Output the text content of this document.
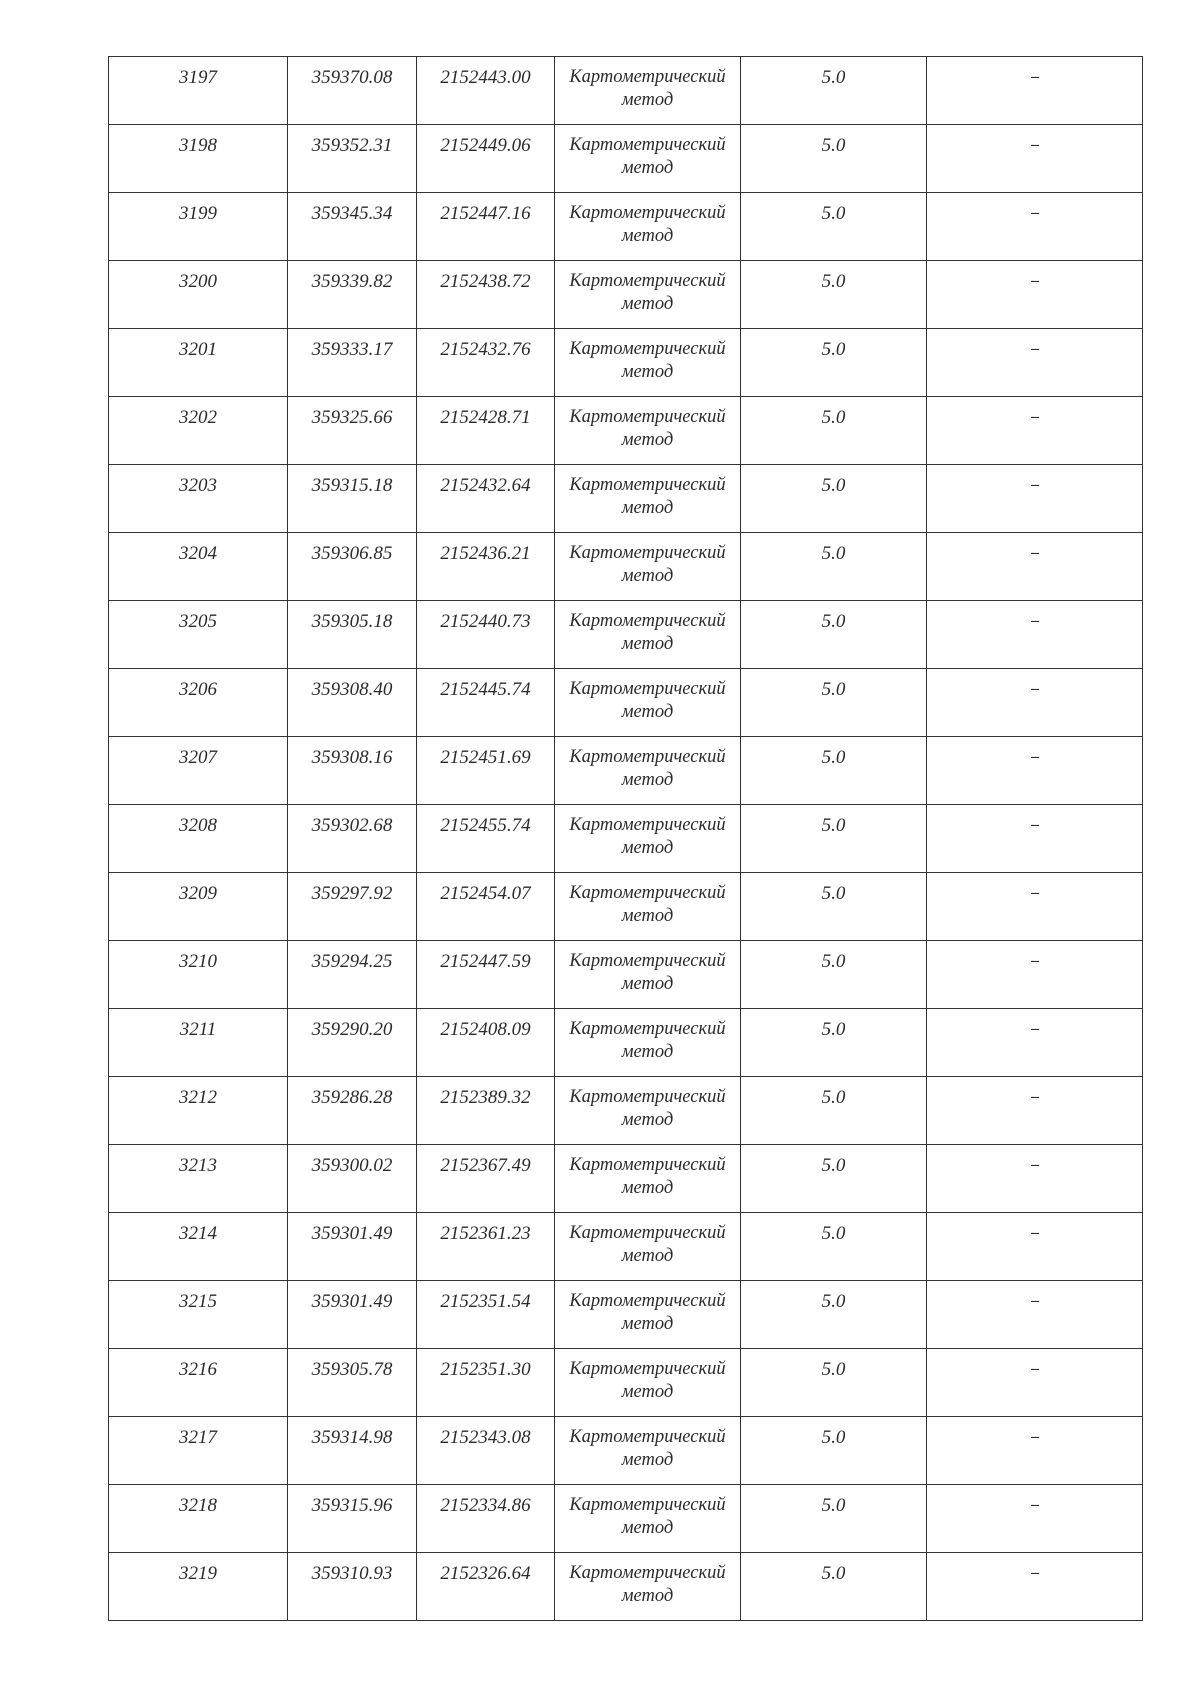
3197	359370.08	2152443.00	Картометрический
метод	5.0	--

3198	359352.31	2152449.06	Картометрический
метод	5.0	--

3199	359345.34	2152447.16	Картометрический
метод	5.0	--

3200	359339.82	2152438.72	Картометрический
метод	5.0	--

3201	359333.17	2152432.76	Картометрический
метод	5.0	--

3202	359325.66	2152428.71	Картометрический
метод	5.0	--

3203	359315.18	2152432.64	Картометрический
метод	5.0	--

3204	359306.85	2152436.21	Картометрический
метод	5.0	--

3205	359305.18	2152440.73	Картометрический
метод	5.0	--

3206	359308.40	2152445.74	Картометрический
метод	5.0	--

3207	359308.16	2152451.69	Картометрический
метод	5.0	--

3208	359302.68	2152455.74	Картометрический
метод	5.0	--

3209	359297.92	2152454.07	Картометрический
метод	5.0	--

3210	359294.25	2152447.59	Картометрический
метод	5.0	--

3211	359290.20	2152408.09	Картометрический
метод	5.0	--

3212	359286.28	2152389.32	Картометрический
метод	5.0	--

3213	359300.02	2152367.49	Картометрический
метод	5.0	--

3214	359301.49	2152361.23	Картометрический
метод	5.0	--

3215	359301.49	2152351.54	Картометрический
метод	5.0	--

3216	359305.78	2152351.30	Картометрический
метод	5.0	--

3217	359314.98	2152343.08	Картометрический
метод	5.0	--

3218	359315.96	2152334.86	Картометрический
метод	5.0	--

3219	359310.93	2152326.64	Картометрический
метод	5.0	--
